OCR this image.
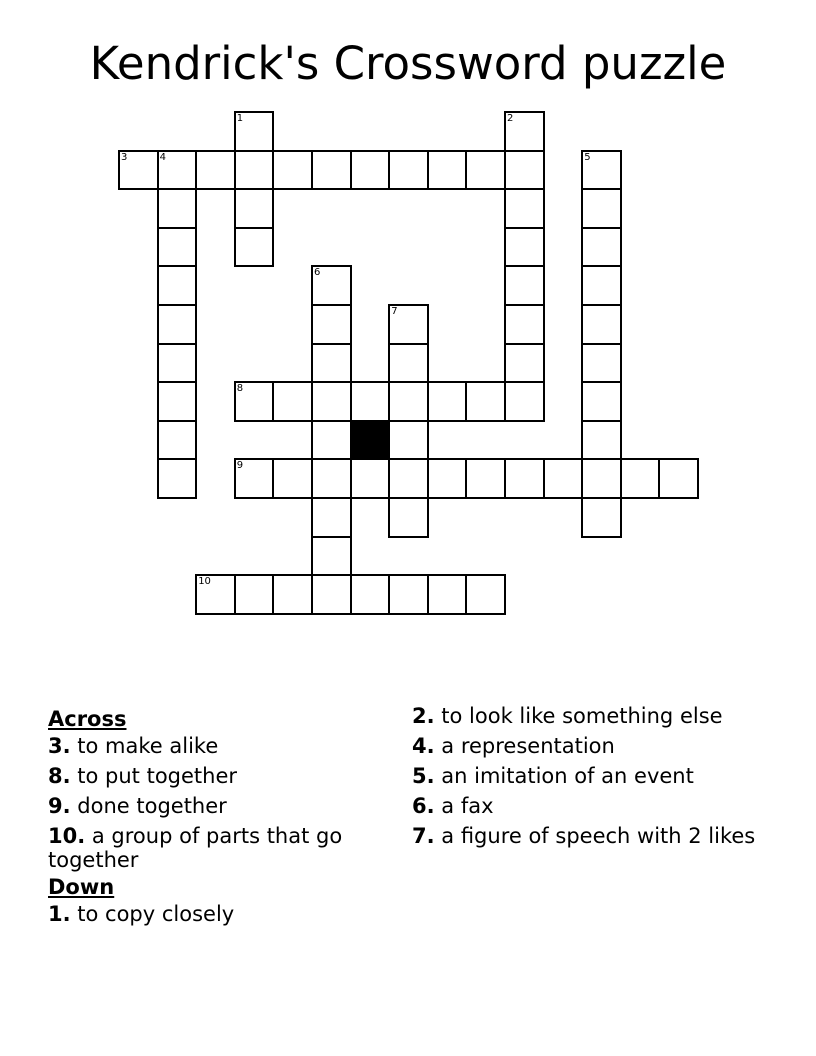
Kendrick's Crossword puzzle
1	2
3	4	5
6
7
8
9
10
Across
3. to make alike
8. to put together
9. done together
10. a group of parts that go together
Down
1. to copy closely
2. to look like something else
4. a representation
5. an imitation of an event
6. a fax
7. a figure of speech with 2 likes
